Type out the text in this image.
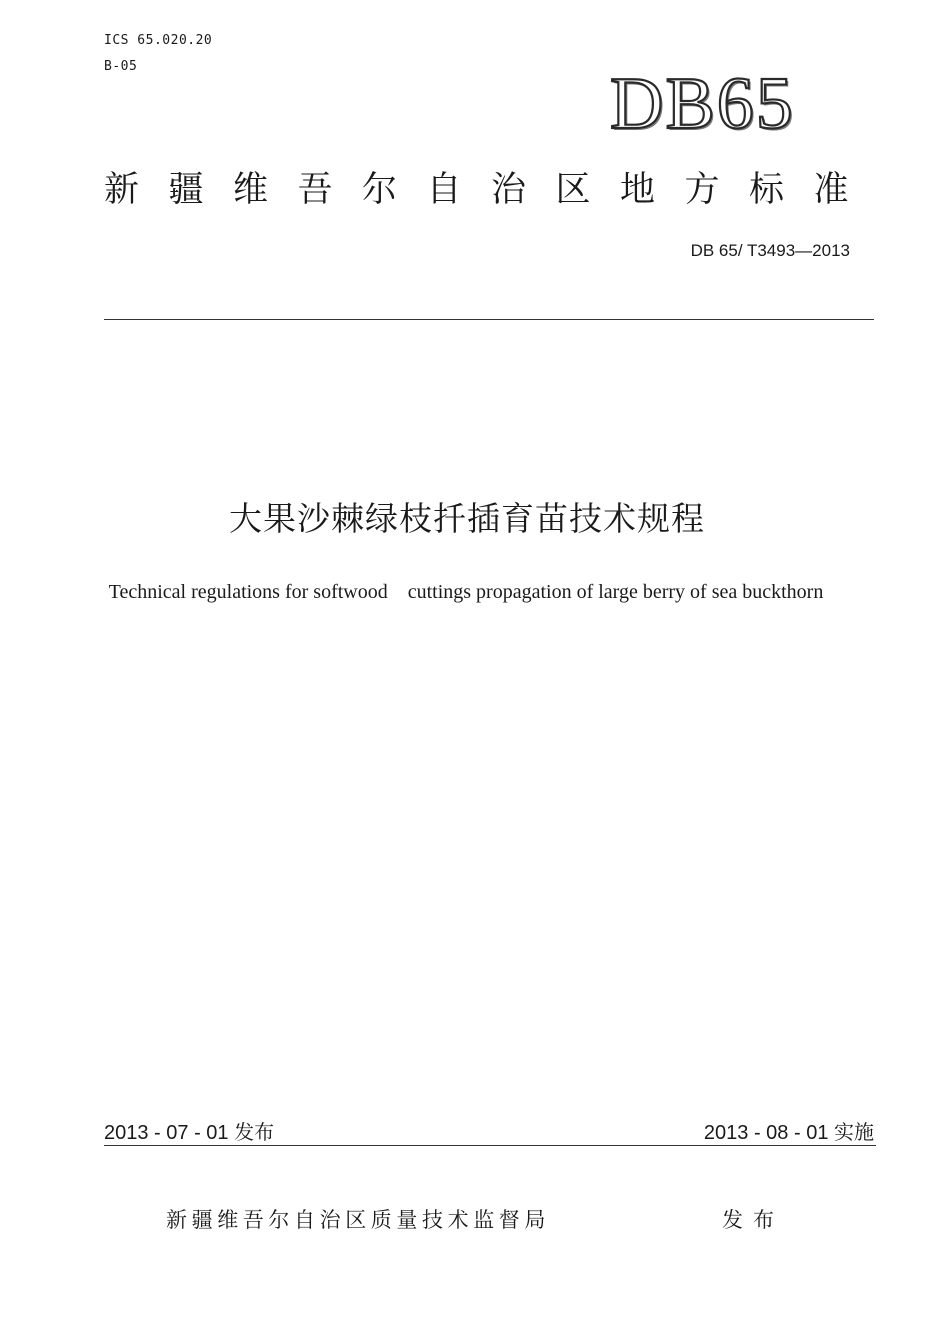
ICS 65.020.20
B-05	DB65
新疆维吾尔自治区地方标准
DB 65/ T3493—2013
大果沙棘绿枝扦插育苗技术规程
Technical regulations for softwood    cuttings propagation of large berry of sea buckthorn
2013 - 07 - 01 发布	2013 - 08 - 01 实施
新疆维吾尔自治区质量技术监督局	发布
